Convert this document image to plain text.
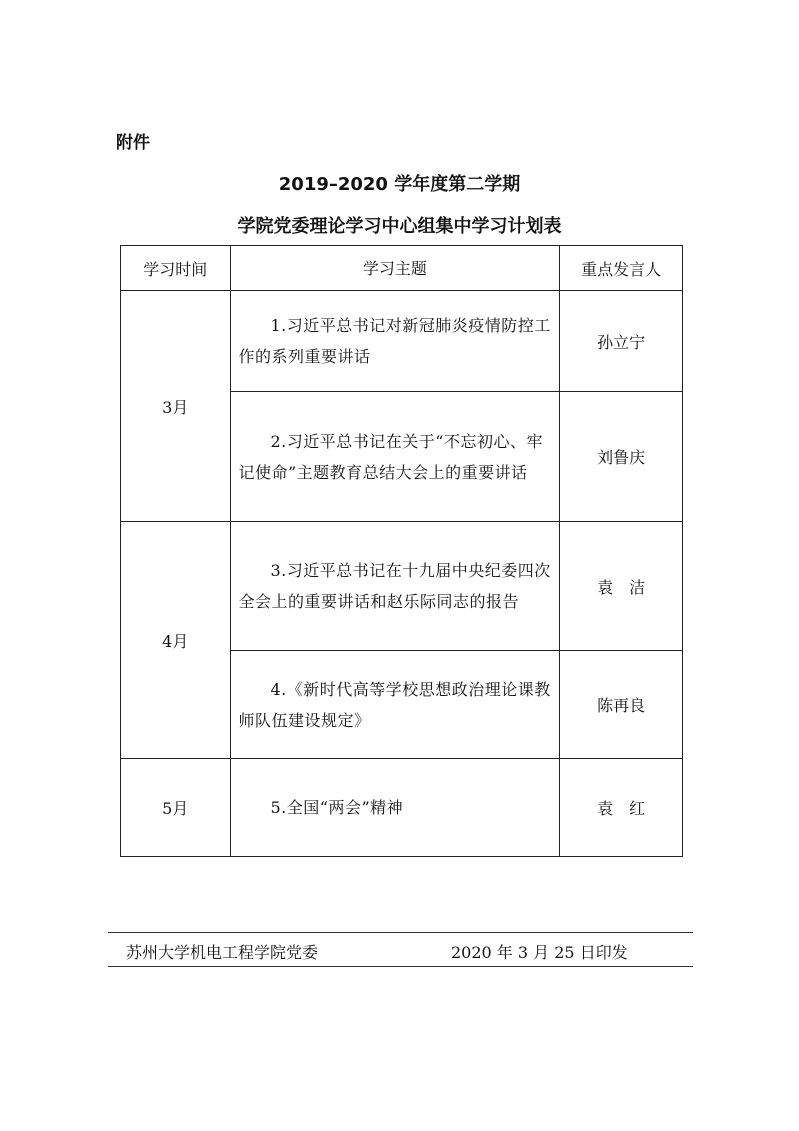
附件
2019–2020 学年度第二学期
学院党委理论学习中心组集中学习计划表
学习时间	学习主题	重点发言人
3月	1.习近平总书记对新冠肺炎疫情防控工作的系列重要讲话	孙立宁

	2.习近平总书记在关于“不忘初心、牢记使命”主题教育总结大会上的重要讲话	刘鲁庆
4月	3.习近平总书记在十九届中央纪委四次全会上的重要讲话和赵乐际同志的报告	袁　洁

	4.《新时代高等学校思想政治理论课教师队伍建设规定》	陈再良
5月	5.全国“两会”精神	袁　红
苏州大学机电工程学院党委	2020 年 3 月 25 日印发
